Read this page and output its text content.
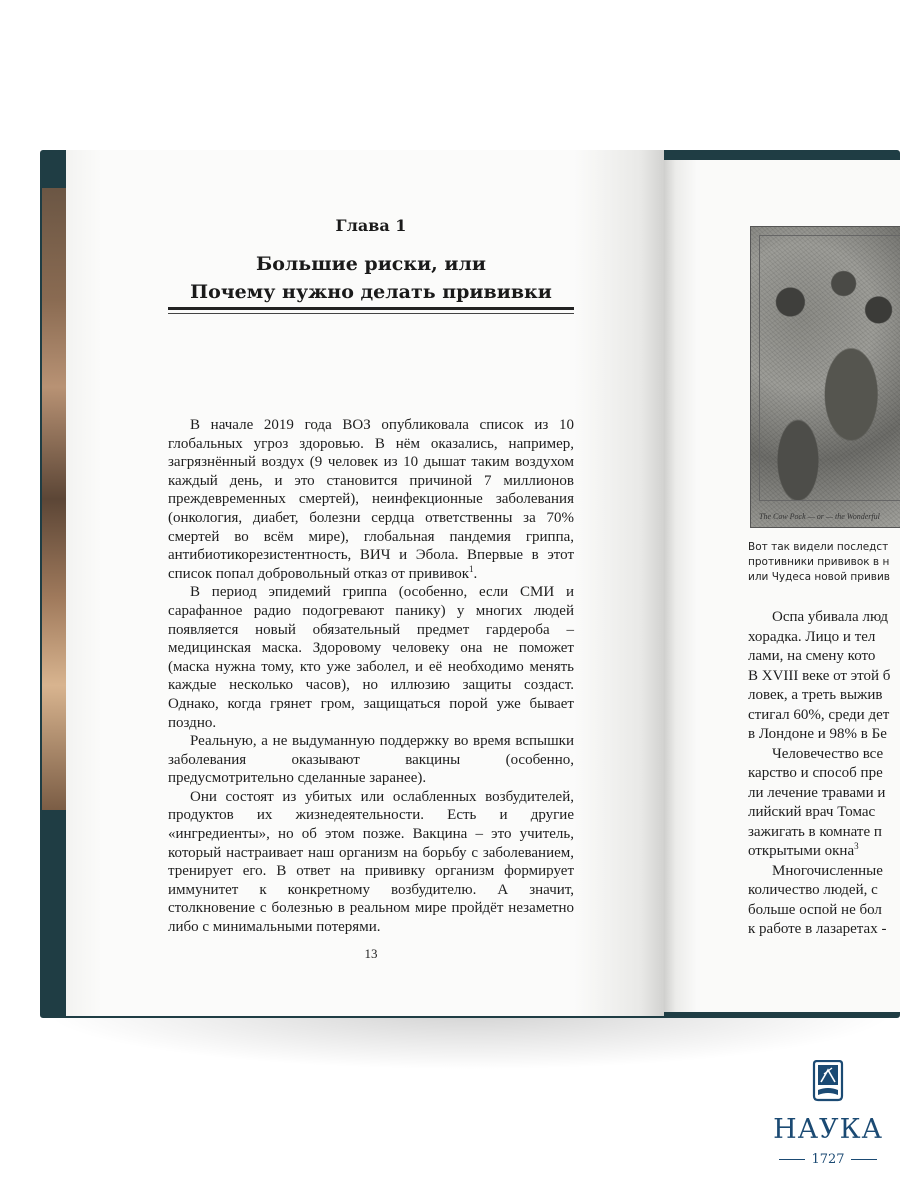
Глава 1
Большие риски, или
Почему нужно делать прививки

В начале 2019 года ВОЗ опубликовала список из 10 глобальных угроз здоровью. В нём оказались, например, загрязнённый воздух (9 человек из 10 дышат таким воздухом каждый день, и это становится причиной 7 миллионов преждевременных смертей), неинфекционные заболевания (онкология, диабет, болезни сердца ответственны за 70% смертей во всём мире), глобальная пандемия гриппа, антибиотикорезистентность, ВИЧ и Эбола. Впервые в этот список попал добровольный отказ от прививок$^1$.

В период эпидемий гриппа (особенно, если СМИ и сарафанное радио подогревают панику) у многих людей появляется новый обязательный предмет гардероба – медицинская маска. Здоровому человеку она не поможет (маска нужна тому, кто уже заболел, и её необходимо менять каждые несколько часов), но иллюзию защиты создаст. Однако, когда грянет гром, защищаться порой уже бывает поздно.

Реальную, а не выдуманную поддержку во время вспышки заболевания оказывают вакцины (особенно, предусмотрительно сделанные заранее).

Они состоят из убитых или ослабленных возбудителей, продуктов их жизнедеятельности. Есть и другие «ингредиенты», но об этом позже. Вакцина – это учитель, который настраивает наш организм на борьбу с заболеванием, тренирует его. В ответ на прививку организм формирует иммунитет к конкретному возбудителю. А значит, столкновение с болезнью в реальном мире пройдёт незаметно либо с минимальными потерями.

13
The Cow Pock — or — the Wonderful
Вот так видели последст
противники прививок в н
или Чудеса новой привив
Оспа убивала люд
хорадка. Лицо и тел
лами, на смену кото
В XVIII веке от этой б
ловек, а треть выжив
стигал 60%, среди дет
в Лондоне и 98% в Бе
Человечество все
карство и способ пре
ли лечение травами и
лийский врач Томас
зажигать в комнате п
открытыми окна$^3$
Многочисленные
количество людей, с
больше оспой не бол
к работе в лазаретах -
НАУКА
1727
